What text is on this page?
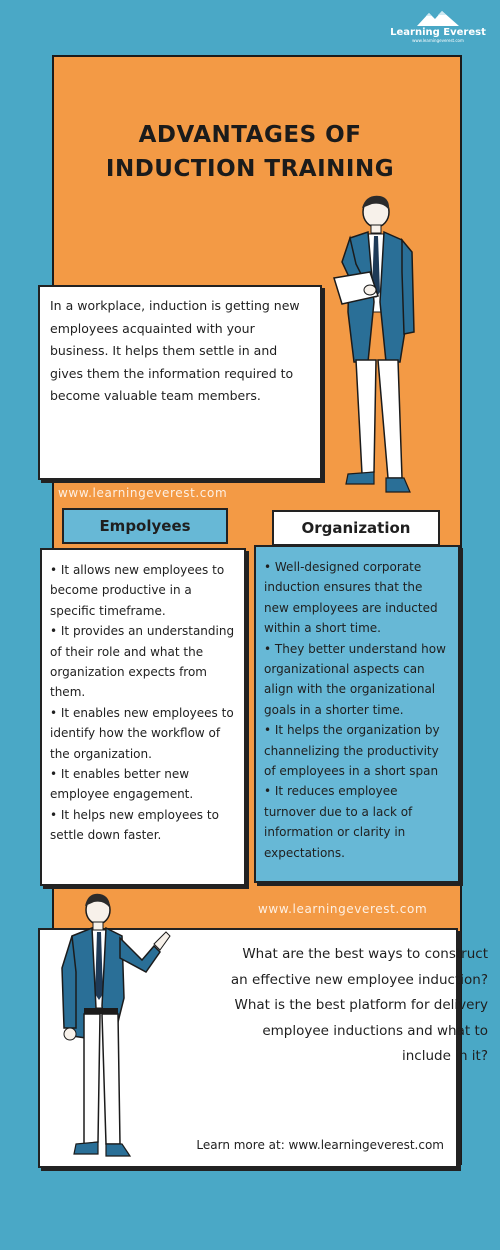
Learning Everest
www.learningeverest.com
ADVANTAGES OF
INDUCTION TRAINING

In a workplace, induction is getting new employees acquainted with your business. It helps them settle in and gives them the information required to become valuable team members.

www.learningeverest.com
Empolyees
• It allows new employees to become productive in a specific timeframe.
• It provides an understanding of their role and what the organization expects from them.
• It enables new employees to identify how the workflow of the organization.
• It enables better new employee engagement.
• It helps new employees to settle down faster.
Organization
• Well-designed corporate induction ensures that the new employees are inducted within a short time.
• They better understand how organizational aspects can align with the organizational goals in a shorter time.
• It helps the organization by channelizing the productivity of employees in a short span
• It reduces employee turnover due to a lack of information or clarity in expectations.
www.learningeverest.com

What are the best ways to construct an effective new employee induction? What is the best platform for delivery employee inductions and what to include in it?

Learn more at: www.learningeverest.com
